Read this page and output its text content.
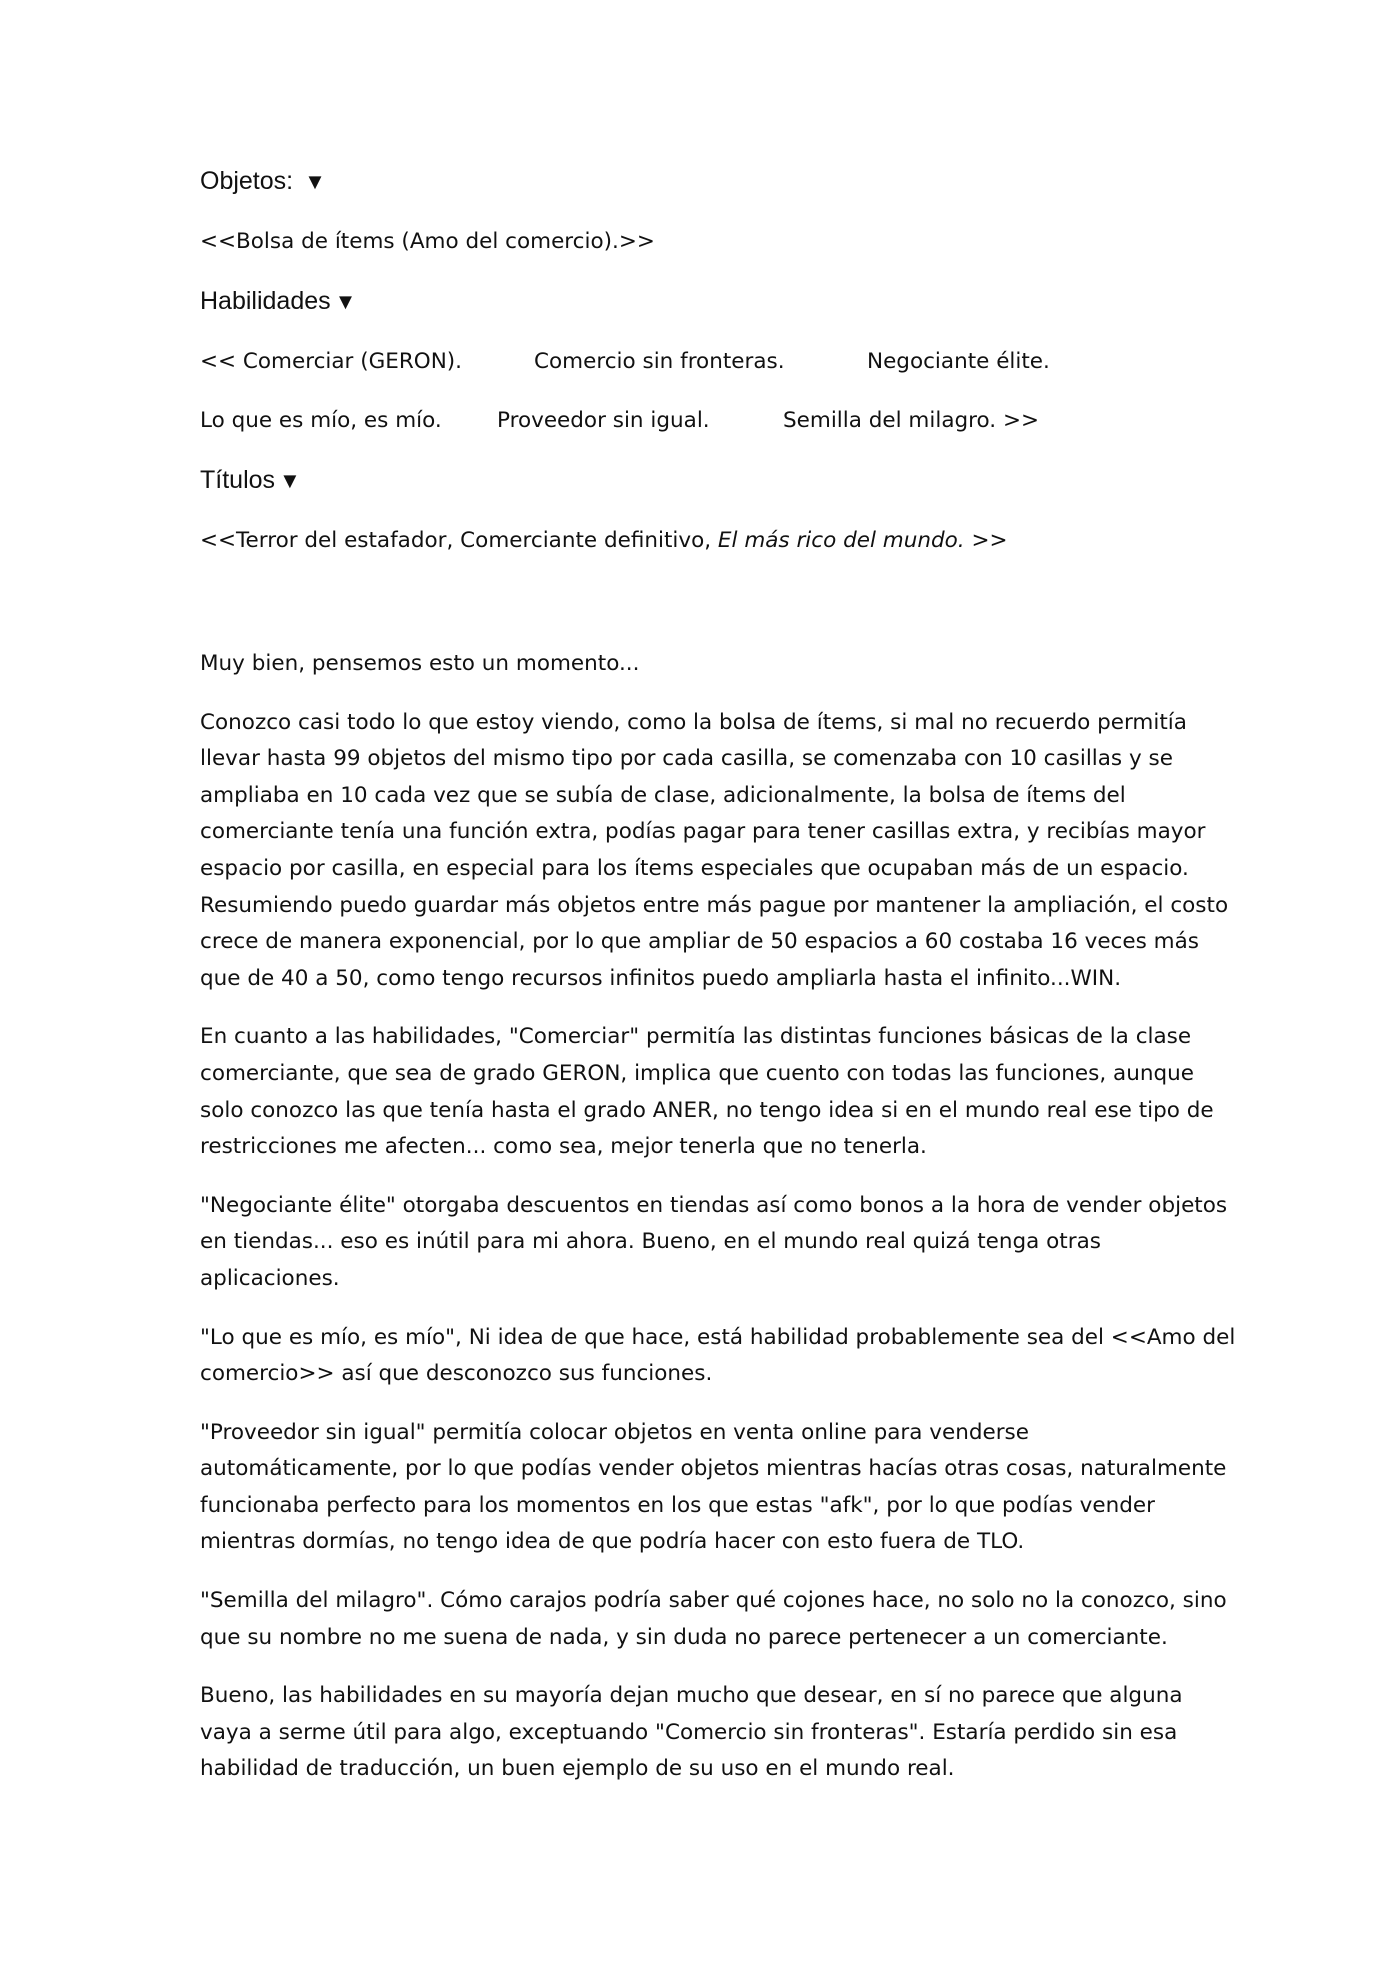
Objetos: ▼
<<Bolsa de ítems (Amo del comercio).>>
Habilidades ▼
<< Comerciar (GERON).	Comercio sin fronteras.	Negociante élite.
Lo que es mío, es mío.	Proveedor sin igual.	Semilla del milagro. >>
Títulos ▼
<<Terror del estafador, Comerciante definitivo, El más rico del mundo. >>
Muy bien, pensemos esto un momento...
Conozco casi todo lo que estoy viendo, como la bolsa de ítems, si mal no recuerdo permitía
llevar hasta 99 objetos del mismo tipo por cada casilla, se comenzaba con 10 casillas y se
ampliaba en 10 cada vez que se subía de clase, adicionalmente, la bolsa de ítems del
comerciante tenía una función extra, podías pagar para tener casillas extra, y recibías mayor
espacio por casilla, en especial para los ítems especiales que ocupaban más de un espacio.
Resumiendo puedo guardar más objetos entre más pague por mantener la ampliación, el costo
crece de manera exponencial, por lo que ampliar de 50 espacios a 60 costaba 16 veces más
que de 40 a 50, como tengo recursos infinitos puedo ampliarla hasta el infinito...WIN.
En cuanto a las habilidades, "Comerciar" permitía las distintas funciones básicas de la clase
comerciante, que sea de grado GERON, implica que cuento con todas las funciones, aunque
solo conozco las que tenía hasta el grado ANER, no tengo idea si en el mundo real ese tipo de
restricciones me afecten... como sea, mejor tenerla que no tenerla.
"Negociante élite" otorgaba descuentos en tiendas así como bonos a la hora de vender objetos
en tiendas... eso es inútil para mi ahora. Bueno, en el mundo real quizá tenga otras
aplicaciones.
"Lo que es mío, es mío", Ni idea de que hace, está habilidad probablemente sea del <<Amo del
comercio>> así que desconozco sus funciones.
"Proveedor sin igual" permitía colocar objetos en venta online para venderse
automáticamente, por lo que podías vender objetos mientras hacías otras cosas, naturalmente
funcionaba perfecto para los momentos en los que estas "afk", por lo que podías vender
mientras dormías, no tengo idea de que podría hacer con esto fuera de TLO.
"Semilla del milagro". Cómo carajos podría saber qué cojones hace, no solo no la conozco, sino
que su nombre no me suena de nada, y sin duda no parece pertenecer a un comerciante.
Bueno, las habilidades en su mayoría dejan mucho que desear, en sí no parece que alguna
vaya a serme útil para algo, exceptuando "Comercio sin fronteras". Estaría perdido sin esa
habilidad de traducción, un buen ejemplo de su uso en el mundo real.
